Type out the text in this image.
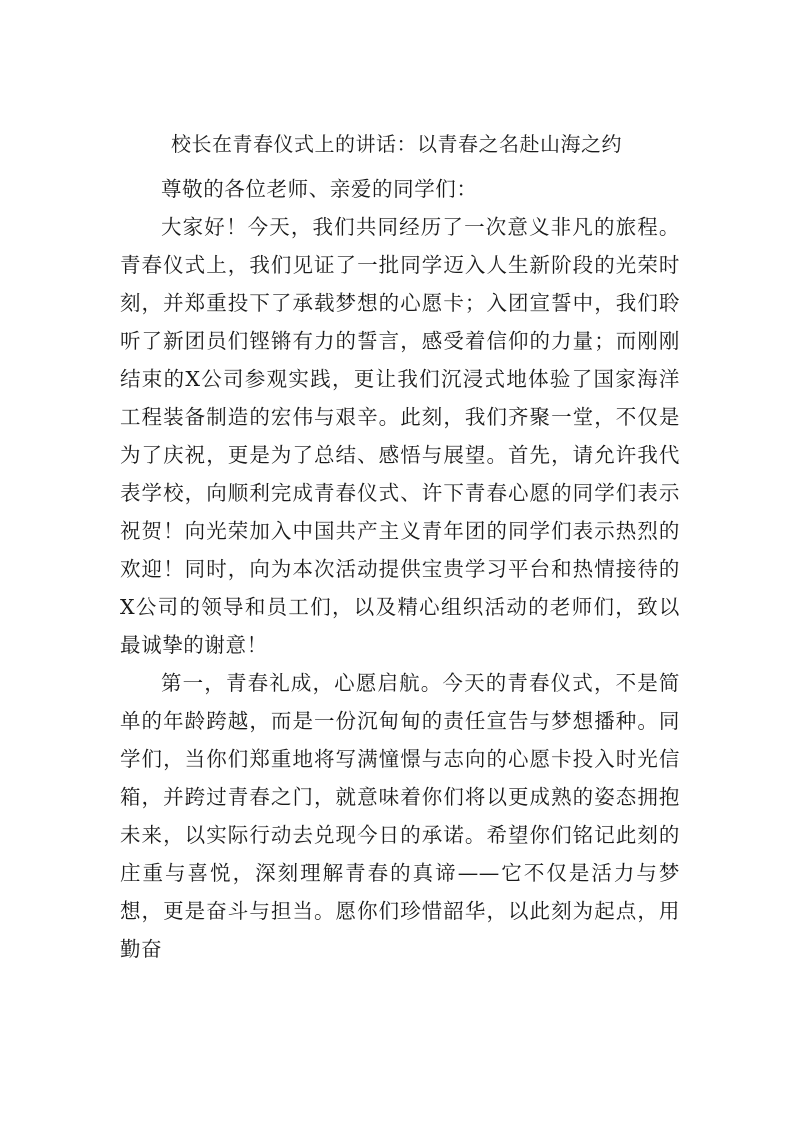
校长在青春仪式上的讲话：以青春之名赴山海之约

尊敬的各位老师、亲爱的同学们：

大家好！今天，我们共同经历了一次意义非凡的旅程。青春仪式上，我们见证了一批同学迈入人生新阶段的光荣时刻，并郑重投下了承载梦想的心愿卡；入团宣誓中，我们聆听了新团员们铿锵有力的誓言，感受着信仰的力量；而刚刚结束的X公司参观实践，更让我们沉浸式地体验了国家海洋工程装备制造的宏伟与艰辛。此刻，我们齐聚一堂，不仅是为了庆祝，更是为了总结、感悟与展望。首先，请允许我代表学校，向顺利完成青春仪式、许下青春心愿的同学们表示祝贺！向光荣加入中国共产主义青年团的同学们表示热烈的欢迎！同时，向为本次活动提供宝贵学习平台和热情接待的X公司的领导和员工们，以及精心组织活动的老师们，致以最诚挚的谢意！

第一，青春礼成，心愿启航。今天的青春仪式，不是简单的年龄跨越，而是一份沉甸甸的责任宣告与梦想播种。同学们，当你们郑重地将写满憧憬与志向的心愿卡投入时光信箱，并跨过青春之门，就意味着你们将以更成熟的姿态拥抱未来，以实际行动去兑现今日的承诺。希望你们铭记此刻的庄重与喜悦，深刻理解青春的真谛——它不仅是活力与梦想，更是奋斗与担当。愿你们珍惜韶华，以此刻为起点，用勤奋
